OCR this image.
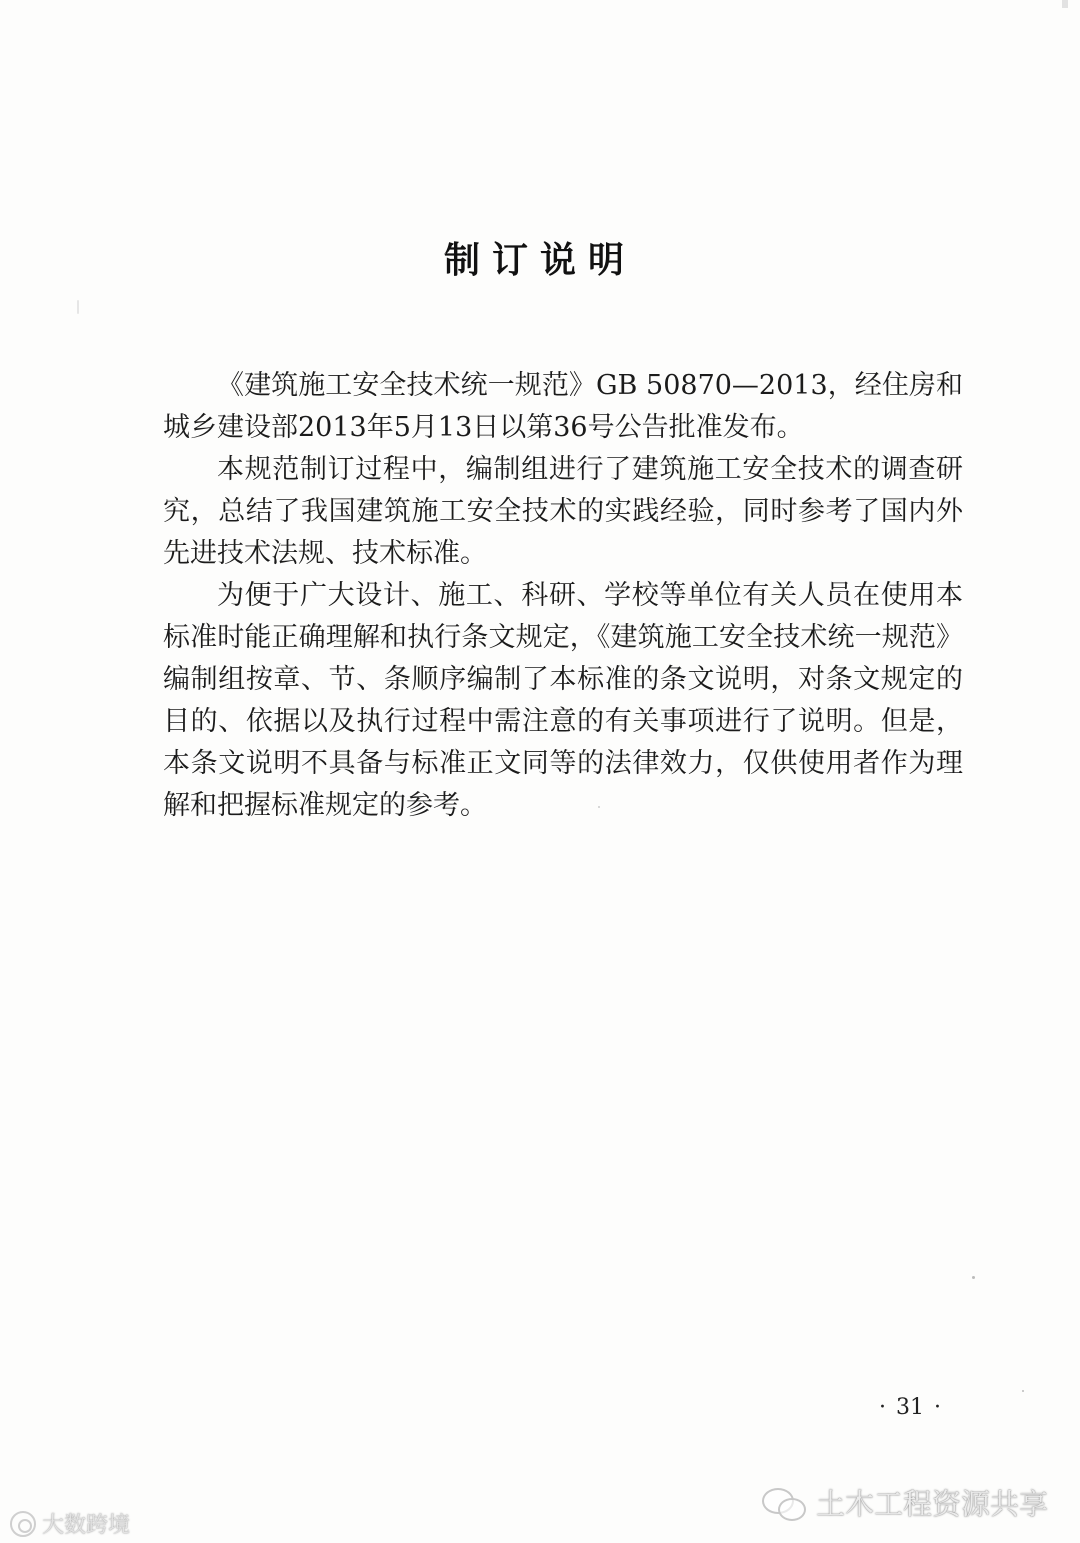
制订说明

《建筑施工安全技术统一规范》GB 50870—2013，经住房和城乡建设部2013年5月13日以第36号公告批准发布。

本规范制订过程中，编制组进行了建筑施工安全技术的调查研究，总结了我国建筑施工安全技术的实践经验，同时参考了国内外先进技术法规、技术标准。

为便于广大设计、施工、科研、学校等单位有关人员在使用本标准时能正确理解和执行条文规定，《建筑施工安全技术统一规范》编制组按章、节、条顺序编制了本标准的条文说明，对条文规定的目的、依据以及执行过程中需注意的有关事项进行了说明。但是，本条文说明不具备与标准正文同等的法律效力，仅供使用者作为理解和把握标准规定的参考。

· 31 ·
大数跨境
土木工程资源共享
